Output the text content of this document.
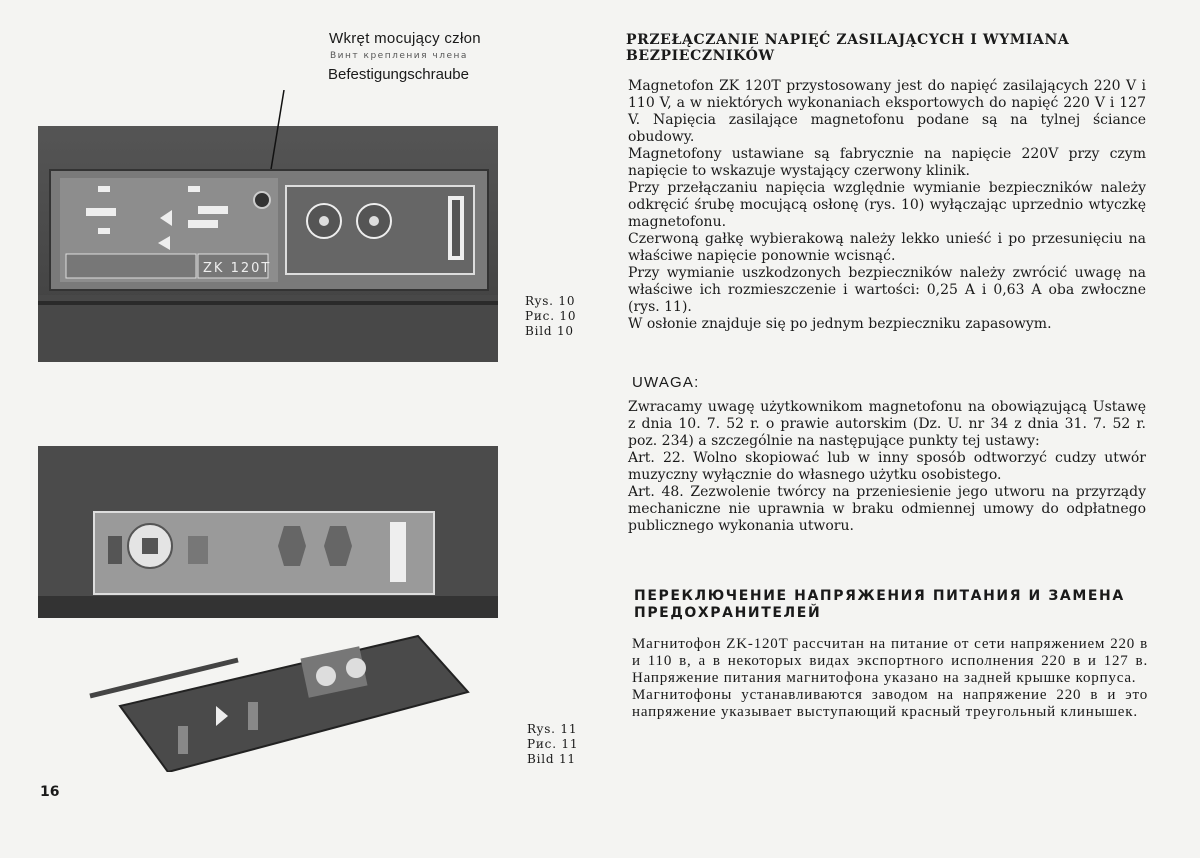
Wkręt mocujący człon
Винт крепления члена
Befestigungschraube
ZK 120T
Rys. 10
Рис. 10
Bild 10
Rys. 11
Рис. 11
Bild 11
16
PRZEŁĄCZANIE NAPIĘĆ ZASILAJĄCYCH I WYMIANA BEZPIECZNIKÓW

Magnetofon ZK 120T przystosowany jest do napięć zasilających 220 V i 110 V, a w niektórych wykonaniach eksportowych do napięć 220 V i 127 V. Napięcia zasilające magnetofonu podane są na tylnej ściance obudowy.

Magnetofony ustawiane są fabrycznie na napięcie 220V przy czym napięcie to wskazuje wystający czerwony klinik.

Przy przełączaniu napięcia względnie wymianie bezpieczników należy odkręcić śrubę mocującą osłonę (rys. 10) wyłączając uprzednio wtyczkę magnetofonu.

Czerwoną gałkę wybierakową należy lekko unieść i po przesunięciu na właściwe napięcie ponownie wcisnąć.

Przy wymianie uszkodzonych bezpieczników należy zwrócić uwagę na właściwe ich rozmieszczenie i wartości: 0,25 A i 0,63 A oba zwłoczne (rys. 11).

W osłonie znajduje się po jednym bezpieczniku zapasowym.

UWAGA:

Zwracamy uwagę użytkownikom magnetofonu na obowiązującą Ustawę z dnia 10. 7. 52 r. o prawie autorskim (Dz. U. nr 34 z dnia 31. 7. 52 r. poz. 234) a szczególnie na następujące punkty tej ustawy:

Art. 22. Wolno skopiować lub w inny sposób odtworzyć cudzy utwór muzyczny wyłącznie do własnego użytku osobistego.

Art. 48. Zezwolenie twórcy na przeniesienie jego utworu na przyrządy mechaniczne nie uprawnia w braku odmiennej umowy do odpłatnego publicznego wykonania utworu.

ПЕРЕКЛЮЧЕНИЕ НАПРЯЖЕНИЯ ПИТАНИЯ И ЗАМЕНА ПРЕДОХРАНИТЕЛЕЙ

Магнитофон ZK-120T рассчитан на питание от сети напряжением 220 в и 110 в, а в некоторых видах экспортного исполнения 220 в и 127 в. Напряжение питания магнитофона указано на задней крышке корпуса.

Магнитофоны устанавливаются заводом на напряжение 220 в и это напряжение указывает выступающий красный треугольный клинышек.
